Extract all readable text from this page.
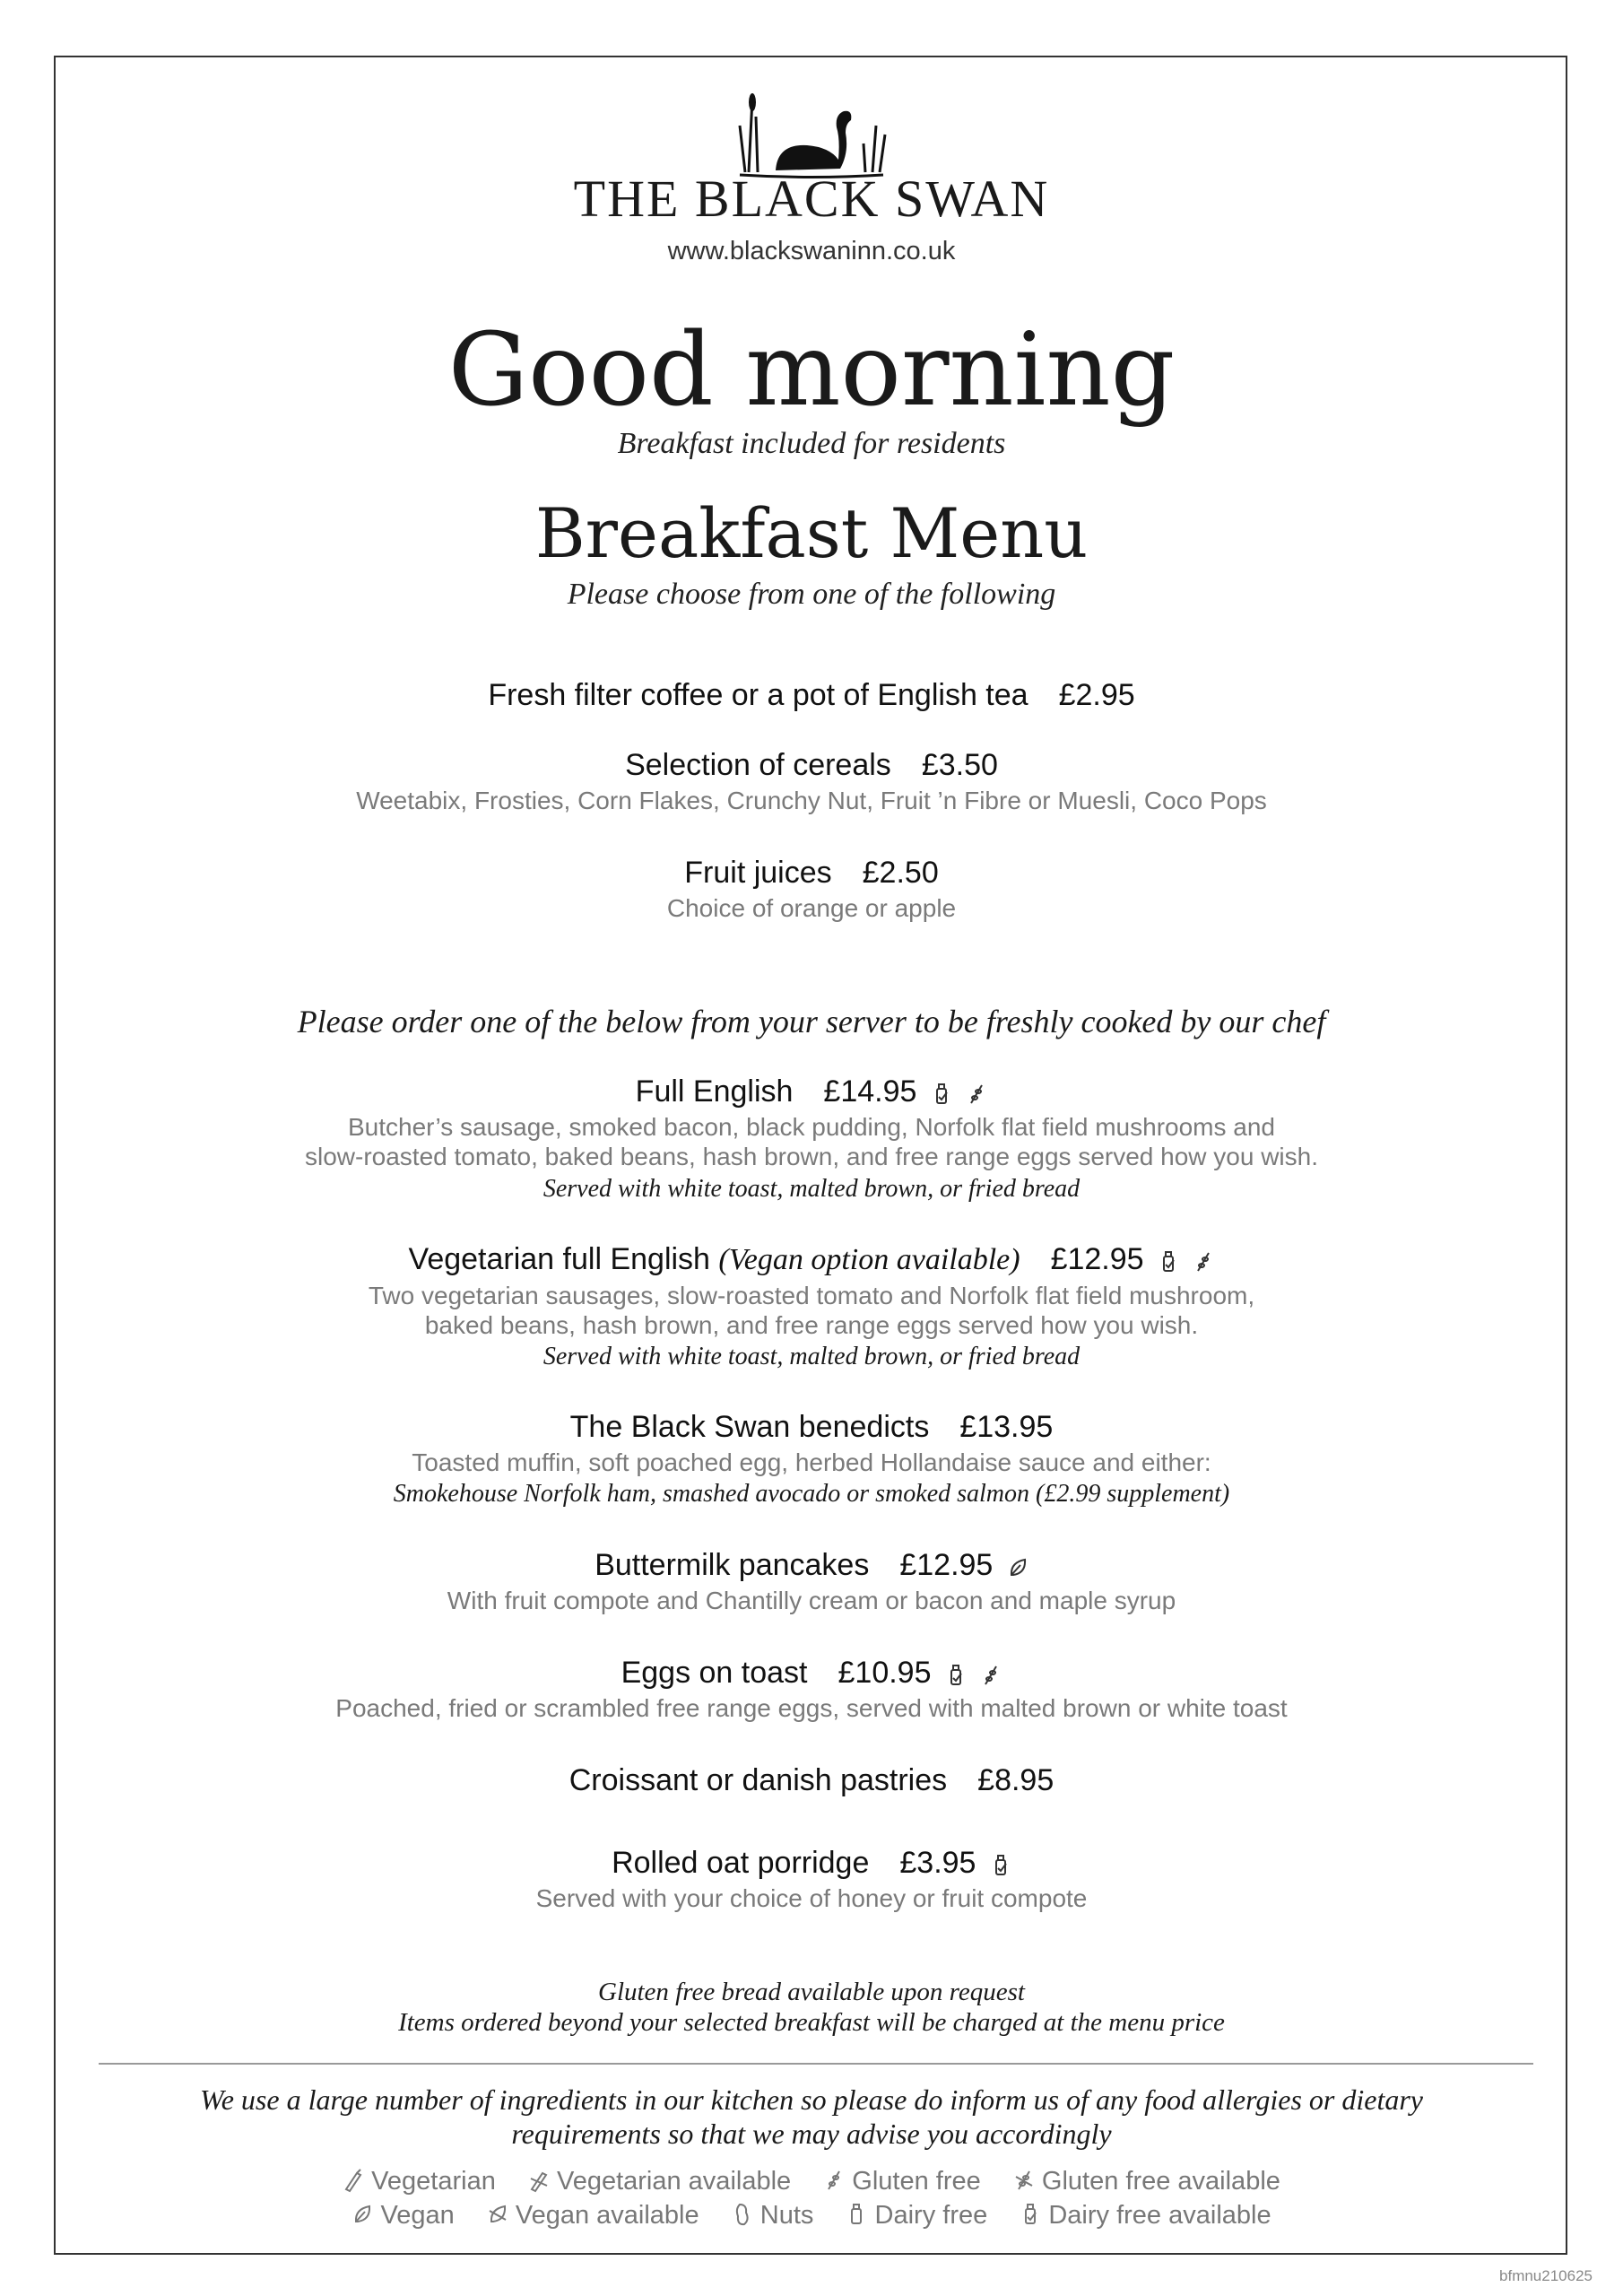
THE BLACK SWAN
www.blackswaninn.co.uk
Good morning
Breakfast included for residents
Breakfast Menu
Please choose from one of the following
Fresh filter coffee or a pot of English tea £2.95
Selection of cereals £3.50
Weetabix, Frosties, Corn Flakes, Crunchy Nut, Fruit ’n Fibre or Muesli, Coco Pops
Fruit juices £2.50
Choice of orange or apple
Please order one of the below from your server to be freshly cooked by our chef
Full English £14.95
Butcher’s sausage, smoked bacon, black pudding, Norfolk flat field mushrooms and
slow-roasted tomato, baked beans, hash brown, and free range eggs served how you wish.
Served with white toast, malted brown, or fried bread
Vegetarian full English (Vegan option available) £12.95
Two vegetarian sausages, slow-roasted tomato and Norfolk flat field mushroom,
baked beans, hash brown, and free range eggs served how you wish.
Served with white toast, malted brown, or fried bread
The Black Swan benedicts £13.95
Toasted muffin, soft poached egg, herbed Hollandaise sauce and either:
Smokehouse Norfolk ham, smashed avocado or smoked salmon (£2.99 supplement)
Buttermilk pancakes £12.95
With fruit compote and Chantilly cream or bacon and maple syrup
Eggs on toast £10.95
Poached, fried or scrambled free range eggs, served with malted brown or white toast
Croissant or danish pastries £8.95
Rolled oat porridge £3.95
Served with your choice of honey or fruit compote
Gluten free bread available upon request
Items ordered beyond your selected breakfast will be charged at the menu price
We use a large number of ingredients in our kitchen so please do inform us of any food allergies or dietary
requirements so that we may advise you accordingly
Vegetarian Vegetarian available Gluten free Gluten free available
Vegan Vegan available Nuts Dairy free Dairy free available
bfmnu210625
